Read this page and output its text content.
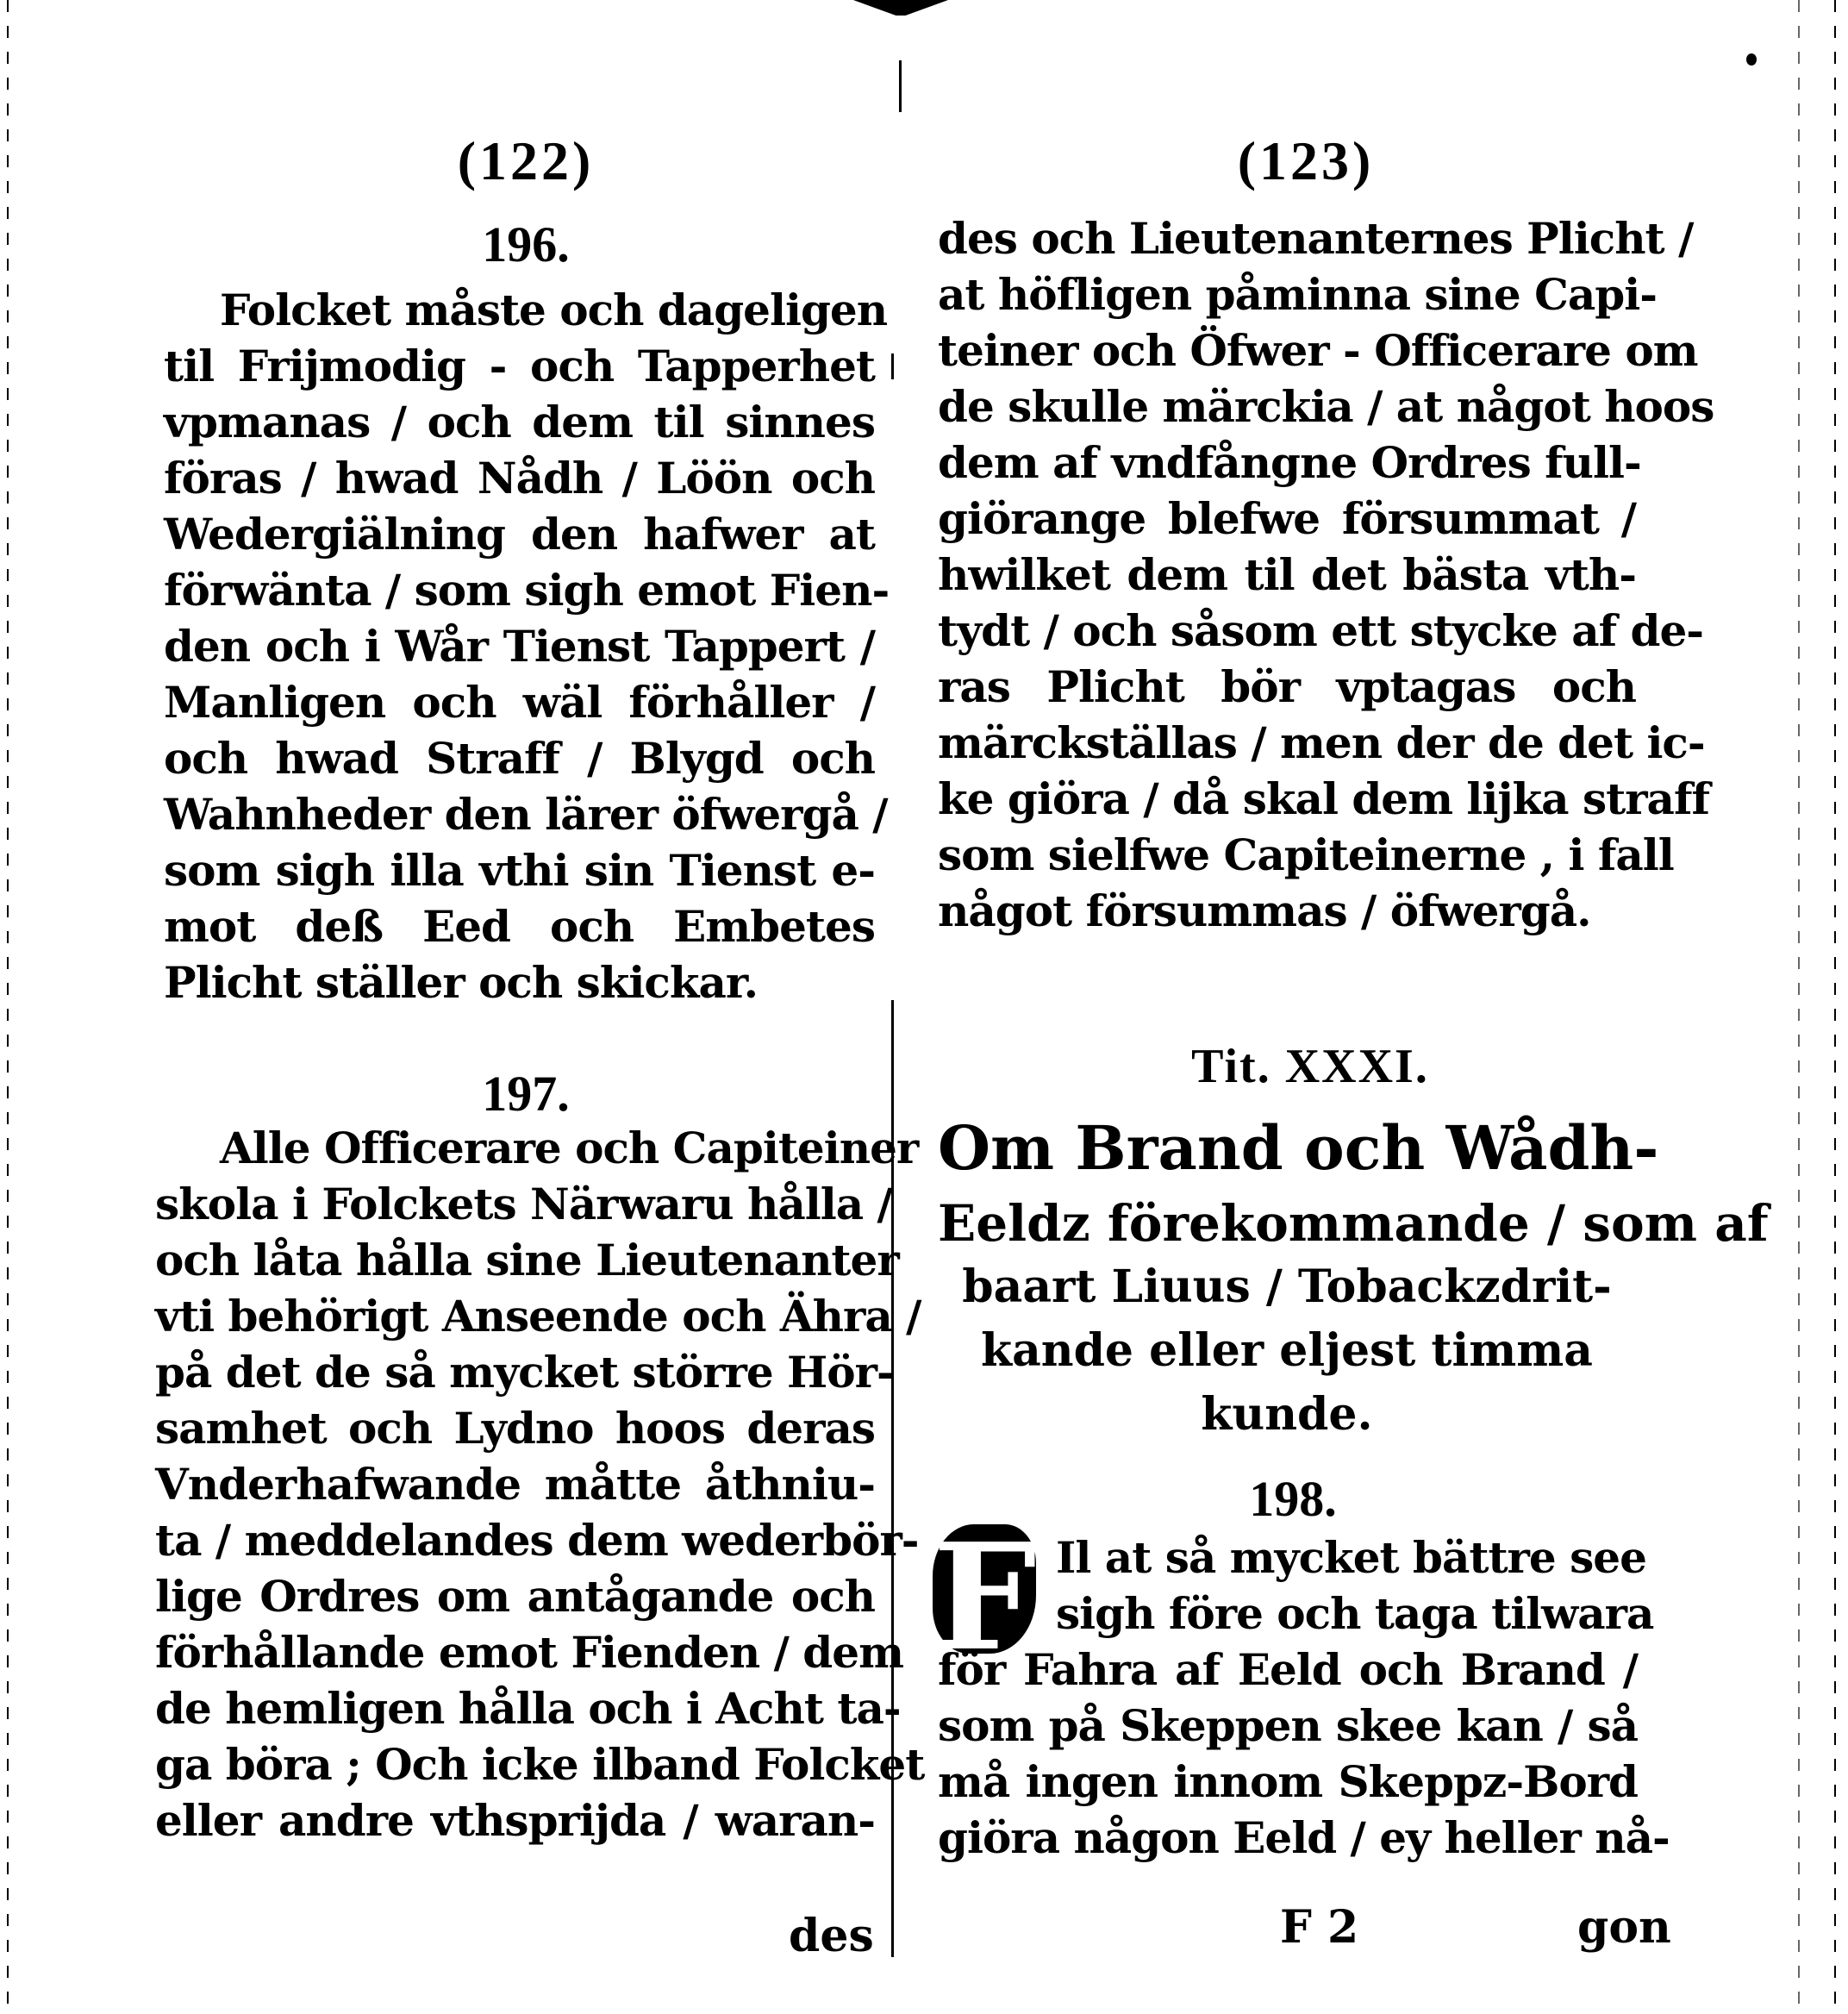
(122)
196.
Folcket måste och dageligen
til Frijmodig - och Tapperhet
vpmanas / och dem til sinnes
föras / hwad Nådh / Löön och
Wedergiälning den hafwer at
förwänta / som sigh emot Fien-
den och i Wår Tienst Tappert /
Manligen och wäl förhåller /
och hwad Straff / Blygd och
Wahnheder den lärer öfwergå /
som sigh illa vthi sin Tienst e-
mot deß Eed och Embetes
Plicht ställer och skickar.
197.
Alle Officerare och Capiteiner
skola i Folckets Närwaru hålla /
och låta hålla sine Lieutenanter
vti behörigt Anseende och Ähra /
på det de så mycket större Hör-
samhet och Lydno hoos deras
Vnderhafwande måtte åthniu-
ta / meddelandes dem wederbör-
lige Ordres om antågande och
förhållande emot Fienden / dem
de hemligen hålla och i Acht ta-
ga böra ; Och icke ilband Folcket
eller andre vthsprijda / waran-
des
(123)
des och Lieutenanternes Plicht /
at höfligen påminna sine Capi-
teiner och Öfwer - Officerare om
de skulle märckia / at något hoos
dem af vndfångne Ordres full-
giörange blefwe försummat /
hwilket dem til det bästa vth-
tydt / och såsom ett stycke af de-
ras Plicht bör vptagas och
märckställas / men der de det ic-
ke giöra / då skal dem lijka straff
som sielfwe Capiteinerne , i fall
något försummas / öfwergå.
Tit. XXXI.
Om Brand och Wådh-
Eeldz förekommande / som af
baart Liuus / Tobackzdrit-
kande eller eljest timma
kunde.
198.
F Il at så mycket bättre see
sigh före och taga tilwara
för Fahra af Eeld och Brand /
som på Skeppen skee kan / så
må ingen innom Skeppz-Bord
giöra någon Eeld / ey heller nå-
F 2	gon
